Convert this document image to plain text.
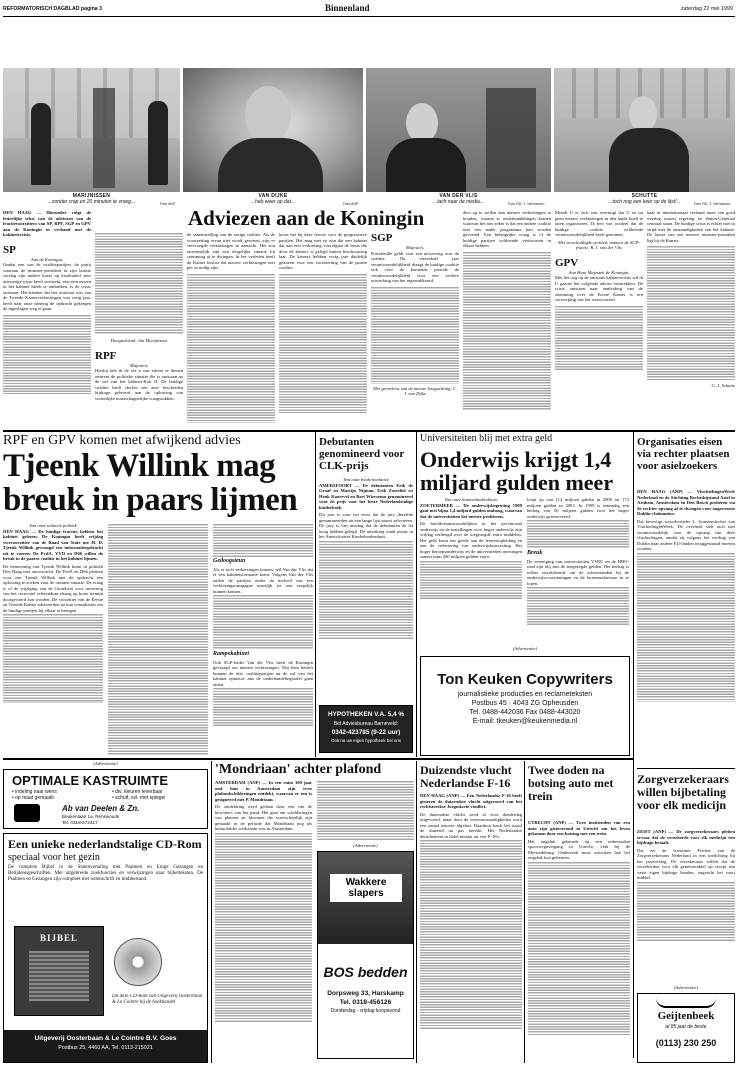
REFORMATORISCH DAGBLAD pagina 3	Binnenland	zaterdag 22 mei 1999
MARIJNISSEN
...zonder crap en 20 minuten te vroeg...	Foto ANP
VAN DIJKE
...heb weer op dat...	Foto ANP
VAN DER VLIS
...lach naar de media...	Foto RD, J. Verhoeven
SCHUTTE
...toch nog een keer op de lijst!...	Foto RD, J. Verhoeven
Adviezen aan de Koningin
DEN HAAG — Hieronder volgt de letterlijke tekst van de adviezen van de fractievoorzitters van SP, RPF, SGP en GPV aan de Koningin in verband met de kabinetscrisis.
SP
Aan de Koningin,
Omdat een van de coalitiepartijen, de partij waaraan de minister-president in zijn laatste verslag zijn nadere koers op kwalitatief zeer uitvoerige wijze heeft verstrekt, een vertrouwen in het kabinet bleek te ontbreken, is de crisis ontstaan. Het kabinet dat het resultaat was van de Tweede Kamerverkiezingen van vorig jaar, heeft naar onze mening de opdracht gekregen de ingeslagen weg te gaan.
Hoogachtend, Jan Marijnissen
RPF
Majesteit,
Hierbij heb ik de eer u van advies te dienen omtrent de politieke situatie die is ontstaan na de val van het kabinet-Kok II. De huidige coalitie heeft slechts een zeer bescheiden bijdrage geleverd aan de oplossing van wezenlijke maatschappelijke vraagstukken.
de samenstelling van de vorige coalitie. Als de voortzetting ervan niet wordt gewenst, zijn er vervroegde verkiezingen in aantocht. Het zou onwenselijk zijn een dergelijke situatie bij stemming af te dwingen. In het verleden heeft de Kamer beslist dat nieuwe verkiezingen niet per se nodig zijn.
hoort het bij deze fractie voor de progressieve partijen. Het mag niet zo zijn dat een kabinet dat aan een verkiezing voorafgaat de basis die door de kiezers is gelegd buiten beschouwing laat. De kiezers hebben vorig jaar duidelijk gekozen voor een voortzetting van de paarse coalitie.
SGP
Majesteit,
Portefeuille geldt voor een uitvoering over de coalitie. Na vierenhalf jaar verantwoordelijkheid draagt de huidige coalitie ook voor de komende periode de verantwoordelijkheid voor een verdere uitwerking van het regeerakkoord.
Met gevoelens van de meeste hoogachting, C. J. van Dijke
ders op te stellen dan nieuwe verkiezingen te houden, waarna er onderhandelingen komen waarvan het niet zeker is dat een andere coalitie met een ander programma kan worden gevormd. Een belangrijke vraag is of de huidige partijen voldoende vertrouwen in elkaar hebben.
Mondt U er zich van overtuigt dat U zo nu geen nieuwe verkiezingen in den lande hoeft te laten organiseren. Ik ben van oordeel dat de huidige coalitie voldoende verantwoordelijkheid heeft genomen.
Met verschuldigde eerbied, namens de SGP-fractie, B. J. van der Vlis
GPV
Aan Hare Majesteit de Koningin,
Met het oog op de ontstane kabinetscrisis wil ik U gaarne het volgende advies verstrekken. De crisis ontstaan naar aanleiding van de stemming over de Eerste Kamer is een verwerping van het wetsvoorstel.
baar in internationaal verband moet een goed overleg tussen regering en Staten-Generaal centraal staan. De huidige crisis is echter niet in strijd met de omstandigheden van het kabinet. De keuze van een nieuwe minister-president ligt bij de Kamer.
G. J. Schutte
RPF en GPV komen met afwijkend advies
Tjeenk Willink mag breuk in paars lijmen
Van onze redactie politiek
DEN HAAG — De huidige fracties hebben het kabinet gelezen. De Koningin heeft vrijdag vicevoorzitter van de Raad van State mr. H. D. Tjeenk Willink gevraagd een informatieopdracht uit te voeren. De PvdA, VVD en D66 willen de breuk in de paarse coalitie in het kabinet lijmen.
De benoeming van Tjeenk Willink komt in politiek Den Haag niet onverwacht. De PvdA en D66 pleitten voor een Tjeenk Willink met de opdracht een oplossing te zoeken voor de onstane situatie. De vraag is of de wijziging van de Grondwet voor invoering van het correctief referendum alsnog op korte termijn doorgevoerd kan worden. De voorzitter van de Eerste en Tweede Kamer adviseerden na hun consultaties om de huidige partijen bij elkaar te brengen.
Gedoogsteun
Als er toch verkiezingen komen, wil Van der Vlis dat er een kabinetsformatie komt. Volgens Van der Vlis zullen de partijen onder de invloed van een verkiezingscampagne moeilijk tot een vergelijk kunnen komen.
Rampokabinet
Ook SGP-leider Van der Vlis heeft de Koningin gevraagd om nieuwe verkiezingen. Wat hem betreft kunnen de drie coalitiepartijen na de val van het kabinet opnieuw aan de onderhandelingstafel gaan zitten.
Debutanten genomineerd voor CLK-prijs
Van onze boekenredactie
AMERSFOORT — De debutanten Erik de Graaf en Martijn Nijman, Erik Zoetelief en Henk Koorevel en Bert Wiersema genomineerd voor de prijs voor het beste Nederlandstalige kinderboek.
Dit jaar is voor het eerst dat de jury dezelfde genomineerden uit een lange lijst moest selecteren. De jury is van mening dat de debutanten de lat hoog hebben gelegd. De uitreiking vindt plaats in het Amersfoortse Kinderboekenhuis.
HYPOTHEKEN V.A. 5,4 %
Bel Adviesbureau Barneveld:
0342-423785 (9-22 uur)
Ook na uw eigen hypotheek bel ons
Universiteiten blij met extra geld
Onderwijs krijgt 1,4 miljard gulden meer
Van onze binnenlandredactie
ZOETERMEER — De onderwijsbegroting 1999 gaat met bijna 1,4 miljard gulden omhoog, waarvan dat de universiteiten het meeste profiteren.
De hoofdverantwoordelijken in het provinciaal onderwijs en de instellingen voor hoger onderwijs zijn vrijdag verheugd over de toegezegde extra middelen. Het geld komt ten goede aan de lerarenopleiding en aan de verbetering van onderwijshuisvesting. Het hoger beroepsonderwijs en de universiteiten ontvangen samen ruim 200 miljoen gulden extra.
loopt op van 114 miljoen gulden in 2000 tot 172 miljoen gulden in 2003. In 1999 is eenmalig een bedrag van 50 miljoen gulden voor het hoger onderwijs gereserveerd.
Breuk
De vereniging van universiteiten VSNU en de HBO-raad zijn blij met de toegezegde gelden. Het bedrag is echter onvoldoende om de achterstanden bij de onderwijsvoorzieningen en de lerarensalarissen in te lopen.
Ton Keuken Copywriters
journalistieke producties en reclameteksten
Postbus 45 · 4043 ZG Opheusden
Tel. 0488-442036 Fax 0488-443020
E-mail: tkeuken@keukenmedia.nl
(Advertentie)
Organisaties eisen via rechter plaatsen voor asielzoekers
DEN HAAG (ANP) — VluchtelingenWerk Nederland en de Stichting Rechtsbijstand Asiel in Arnhem, Amsterdam en Den Bosch proberen via de rechter opvang af te dwingen voor ongewenste Dublin-claimanten.
Dat bevestigt woordvoerder L. Scanmeslocher van VluchtelingenWerk. De overheid stelt zich niet verantwoordelijk voor de opvang van deze vluchtelingen, omdat zij volgens het verdrag van Dublin naar andere EU-landen teruggestuurd moeten worden.
Zorgverzekeraars willen bijbetaling voor elk medicijn
ZEIST (ANP) — De zorgverzekeraars pleiten ervoor dat de verzekerde voor elk medicijn een bijdrage betaalt.
Dat zei de voorzitter Fischer van de Zorgverzekeraars Nederland in een toelichting bij het jaarverslag. De verzekeraars willen dat de verzekerden voor elk geneesmiddel op recept een vaste eigen bijdrage betalen, ongeacht het soort middel.
(Advertentie)
Geijtenbeek
al 85 jaar de beste
(0113) 230 250
(Advertentie)
OPTIMALE KASTRUIMTE
• indeling naar wens
• op maat gemaakt
• div. kleuren leverbaar
• schuif, svl. met spiegel
Ab van Deelen & Zn.
Beukenlaan 1a, Renswoude
Tel. 0318-572317
Een unieke nederlandstalige CD-Rom
speciaal voor het gezin
De complete Bijbel in de Statenvertaling met Psalmen en Enige Gezangen en Belijdenisgeschriften. Met uitgebreide zoekfuncties en verwijzingen naar bijbelteksten. De Psalmen en Gezangen zijn compleet met notenschrift en midibestand.
BIJBEL
Dit deze CD-Rom van Uitgeverij Oosterbaan & Le Cointre bij de boekhandel
Uitgeverij Oosterbaan & Le Cointre B.V. Goes
Postbus 25, 4460 AA, Tel. 0113-215021
'Mondriaan' achter plafond
AMSTERDAM (ANP) — In een ruim 100 jaar oud huis in Amsterdam zijn twee plafondschilderingen ontdekt, waarvan er een is gesigneerd met P. Mondriaan.
De ontdekking werd gedaan door een van de bewoners van het pand. Het gaat om schilderingen van planten en bloemen die waarschijnlijk zijn gemaakt in de periode dat Mondriaan nog als huisschilder werkzaam was in Amsterdam.
(Advertentie)
Wakkere slapers
BOS bedden
Dorpsweg 33, Harskamp
Tel. 0318-456126
Donderdag - vrijdag koopavond
Duizendste vlucht Nederlandse F-16
DEN HAAG (ANP) — Een Nederlandse F-16 heeft gisteren de duizendste vlucht uitgevoerd van het rechtstreekse Joegoslavië-conflict.
De duizendste vlucht werd al voor donderdag uitgevoerd, maar door de weersomstandigheden werd een aantal missies afgelast. Daardoor heeft het totaal de duizend nu pas bereikt. Het Nederlandse detachement in Italië bestaat uit vier F-16's.
Twee doden na botsing auto met trein
UTRECHT (ANP) — Twee inzittenden van een auto zijn gisteravond in Utrecht om het leven gekomen door een botsing met een trein.
Het ongeluk gebeurde op een onbewaakte spoorwegovergang in Utrecht, vlak bij de Merwedebrug. Onderzoek moet uitwijzen hoe het ongeluk kon gebeuren.
